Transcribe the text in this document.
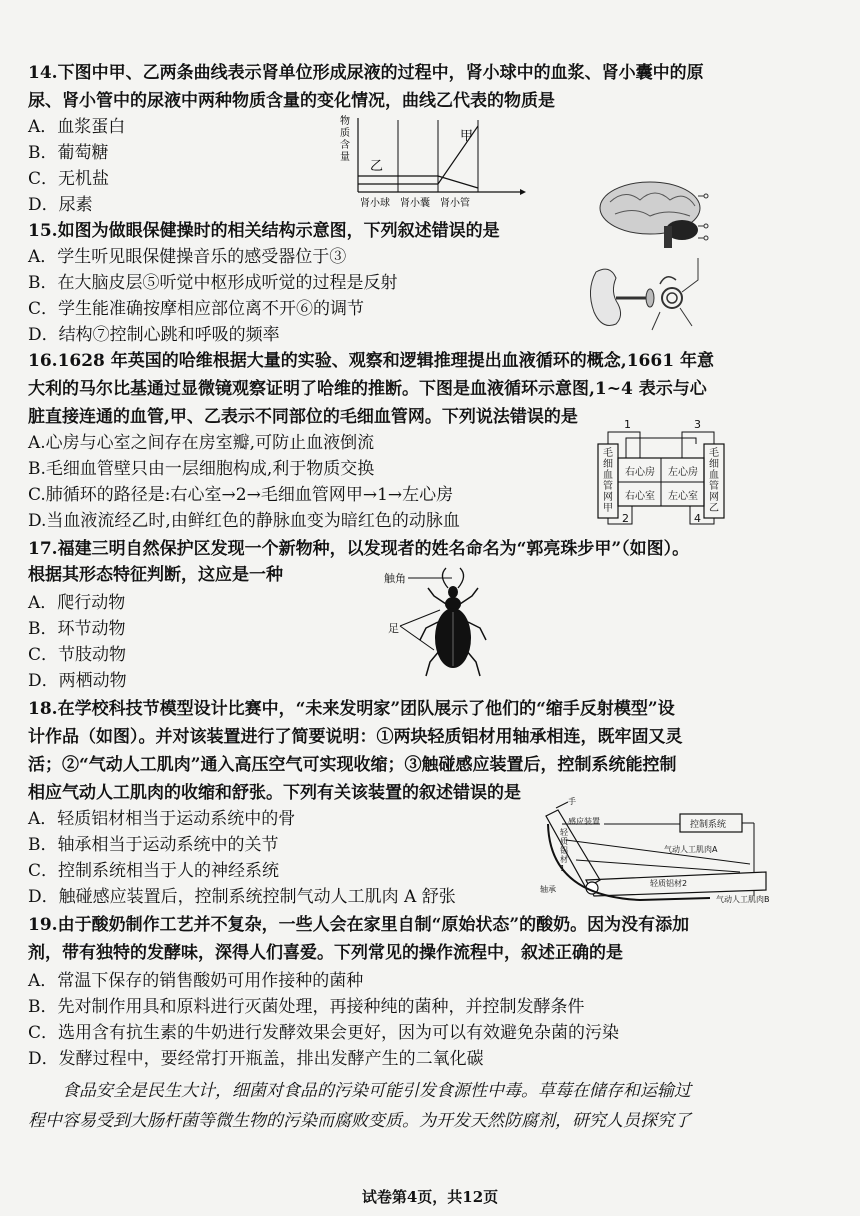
14.下图中甲、乙两条曲线表示肾单位形成尿液的过程中，肾小球中的血浆、肾小囊中的原
尿、肾小管中的尿液中两种物质含量的变化情况，曲线乙代表的物质是
A．血浆蛋白
B．葡萄糖
C．无机盐
D．尿素
物
质
含
量
乙
甲
肾小球 肾小囊 肾小管
15.如图为做眼保健操时的相关结构示意图，下列叙述错误的是
A．学生听见眼保健操音乐的感受器位于③
B．在大脑皮层⑤听觉中枢形成听觉的过程是反射
C．学生能准确按摩相应部位离不开⑥的调节
D．结构⑦控制心跳和呼吸的频率
16.1628 年英国的哈维根据大量的实验、观察和逻辑推理提出血液循环的概念,1661 年意
大利的马尔比基通过显微镜观察证明了哈维的推断。下图是血液循环示意图,1~4 表示与心
脏直接连通的血管,甲、乙表示不同部位的毛细血管网。下列说法错误的是
A.心房与心室之间存在房室瓣,可防止血液倒流
B.毛细血管壁只由一层细胞构成,利于物质交换
C.肺循环的路径是:右心室→2→毛细血管网甲→1→左心房
D.当血液流经乙时,由鲜红色的静脉血变为暗红色的动脉血
1
2
3
4
毛细血管网甲
毛细血管网乙
右心房	左心房
右心室	左心室
17.福建三明自然保护区发现一个新物种，以发现者的姓名命名为“郭亮珠步甲”（如图）。
根据其形态特征判断，这应是一种
A．爬行动物
B．环节动物
C．节肢动物
D．两栖动物
触角
足
18.在学校科技节模型设计比赛中，“未来发明家”团队展示了他们的“缩手反射模型”设
计作品（如图）。并对该装置进行了简要说明：①两块轻质铝材用轴承相连，既牢固又灵
活；②“气动人工肌肉”通入高压空气可实现收缩；③触碰感应装置后，控制系统能控制
相应气动人工肌肉的收缩和舒张。下列有关该装置的叙述错误的是
A．轻质铝材相当于运动系统中的骨
B．轴承相当于运动系统中的关节
C．控制系统相当于人的神经系统
D．触碰感应装置后，控制系统控制气动人工肌肉 A 舒张
手
感应装置	控制系统
轻质铝材1
气动人工肌肉A
轴承
轻质铝材2
气动人工肌肉B
19.由于酸奶制作工艺并不复杂，一些人会在家里自制“原始状态”的酸奶。因为没有添加
剂，带有独特的发酵味，深得人们喜爱。下列常见的操作流程中，叙述正确的是
A．常温下保存的销售酸奶可用作接种的菌种
B．先对制作用具和原料进行灭菌处理，再接种纯的菌种，并控制发酵条件
C．选用含有抗生素的牛奶进行发酵效果会更好，因为可以有效避免杂菌的污染
D．发酵过程中，要经常打开瓶盖，排出发酵产生的二氧化碳
食品安全是民生大计，细菌对食品的污染可能引发食源性中毒。草莓在储存和运输过
程中容易受到大肠杆菌等微生物的污染而腐败变质。为开发天然防腐剂，研究人员探究了
试卷第4页，共12页
